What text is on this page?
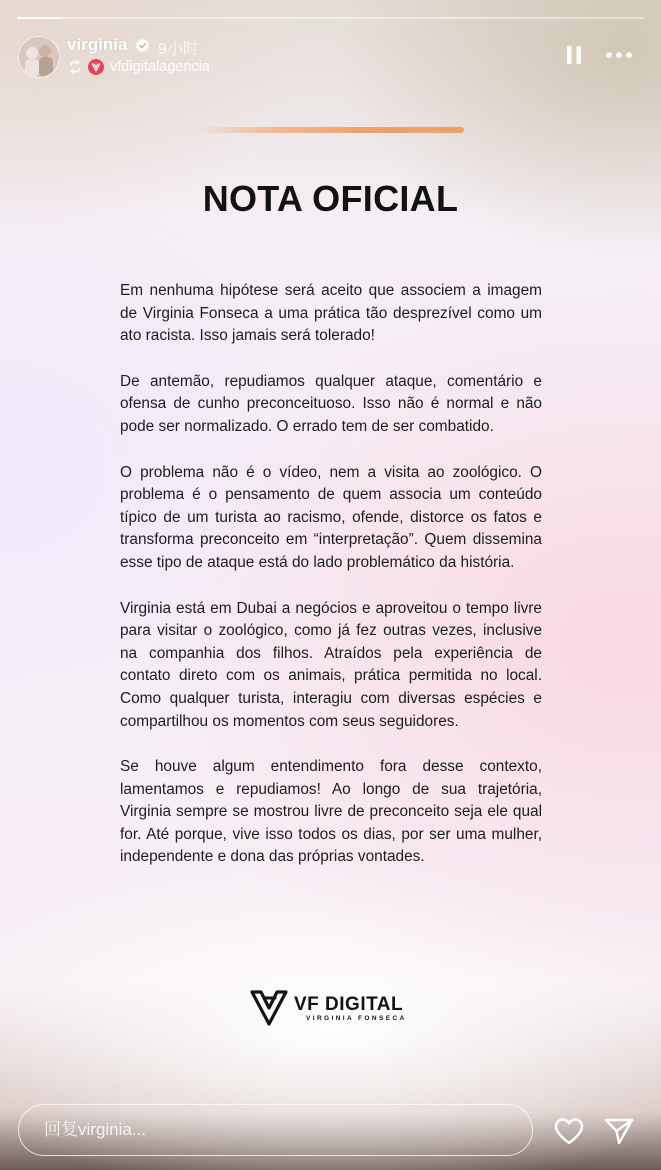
virginia 9小时
vfdigitalagencia
NOTA OFICIAL

Em nenhuma hipótese será aceito que associem a imagem de Virginia Fonseca a uma prática tão desprezível como um ato racista. Isso jamais será tolerado!

De antemão, repudiamos qualquer ataque, comentário e ofensa de cunho preconceituoso. Isso não é normal e não pode ser normalizado. O errado tem de ser combatido.

O problema não é o vídeo, nem a visita ao zoológico. O problema é o pensamento de quem associa um conteúdo típico de um turista ao racismo, ofende, distorce os fatos e transforma preconceito em “interpretação”. Quem dissemina esse tipo de ataque está do lado problemático da história.

Virginia está em Dubai a negócios e aproveitou o tempo livre para visitar o zoológico, como já fez outras vezes, inclusive na companhia dos filhos. Atraídos pela experiência de contato direto com os animais, prática permitida no local. Como qualquer turista, interagiu com diversas espécies e compartilhou os momentos com seus seguidores.

Se houve algum entendimento fora desse contexto, lamentamos e repudiamos! Ao longo de sua trajetória, Virginia sempre se mostrou livre de preconceito seja ele qual for. Até porque, vive isso todos os dias, por ser uma mulher, independente e dona das próprias vontades.

VF DIGITAL
VIRGINIA FONSECA
回复virginia...
